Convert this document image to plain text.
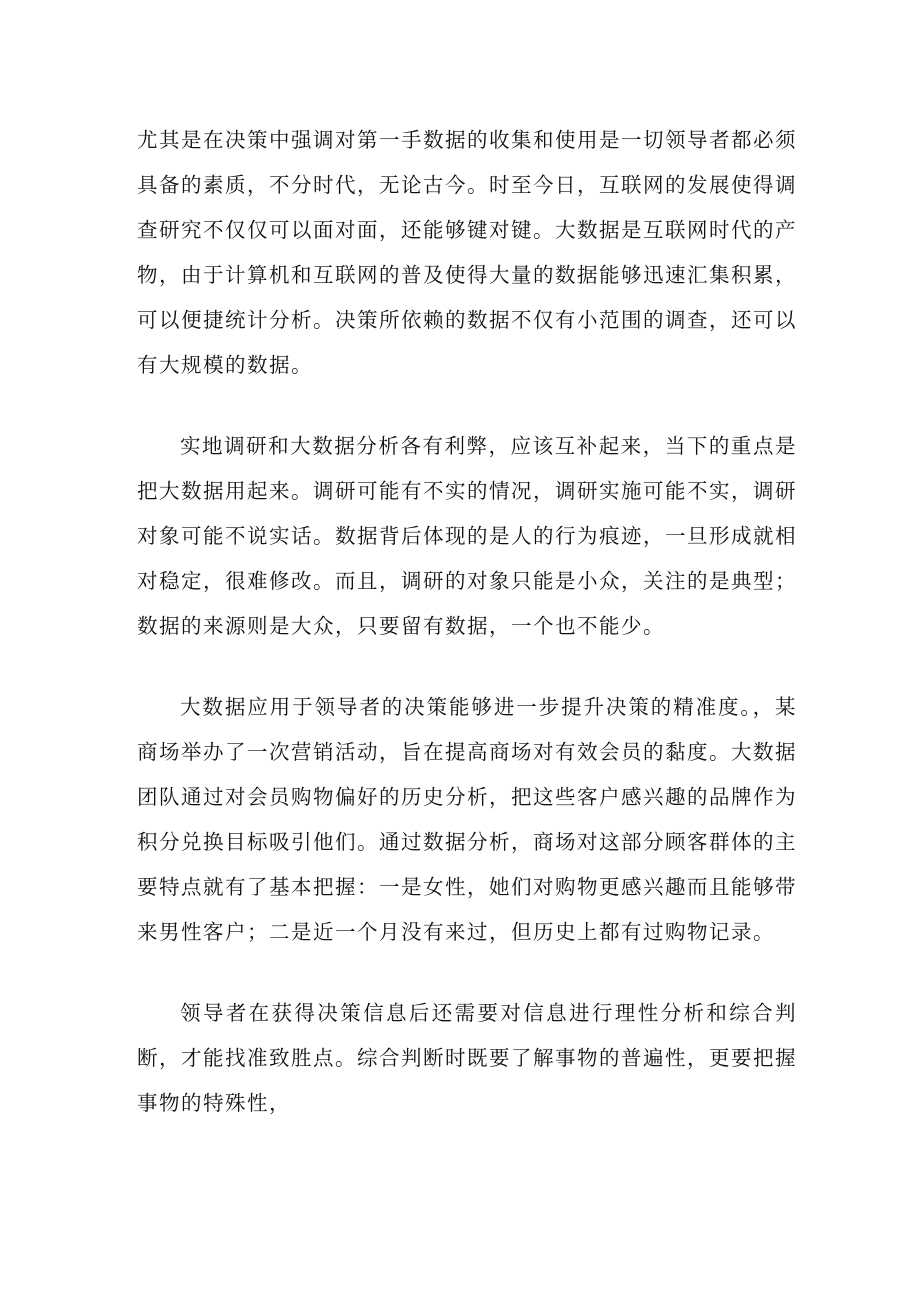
尤其是在决策中强调对第一手数据的收集和使用是一切领导者都必须具备的素质，不分时代，无论古今。时至今日，互联网的发展使得调查研究不仅仅可以面对面，还能够键对键。大数据是互联网时代的产物，由于计算机和互联网的普及使得大量的数据能够迅速汇集积累，可以便捷统计分析。决策所依赖的数据不仅有小范围的调查，还可以有大规模的数据。

实地调研和大数据分析各有利弊，应该互补起来，当下的重点是把大数据用起来。调研可能有不实的情况，调研实施可能不实，调研对象可能不说实话。数据背后体现的是人的行为痕迹，一旦形成就相对稳定，很难修改。而且，调研的对象只能是小众，关注的是典型；数据的来源则是大众，只要留有数据，一个也不能少。

大数据应用于领导者的决策能够进一步提升决策的精准度。，某商场举办了一次营销活动，旨在提高商场对有效会员的黏度。大数据团队通过对会员购物偏好的历史分析，把这些客户感兴趣的品牌作为积分兑换目标吸引他们。通过数据分析，商场对这部分顾客群体的主要特点就有了基本把握：一是女性，她们对购物更感兴趣而且能够带来男性客户；二是近一个月没有来过，但历史上都有过购物记录。

领导者在获得决策信息后还需要对信息进行理性分析和综合判断，才能找准致胜点。综合判断时既要了解事物的普遍性，更要把握事物的特殊性，
